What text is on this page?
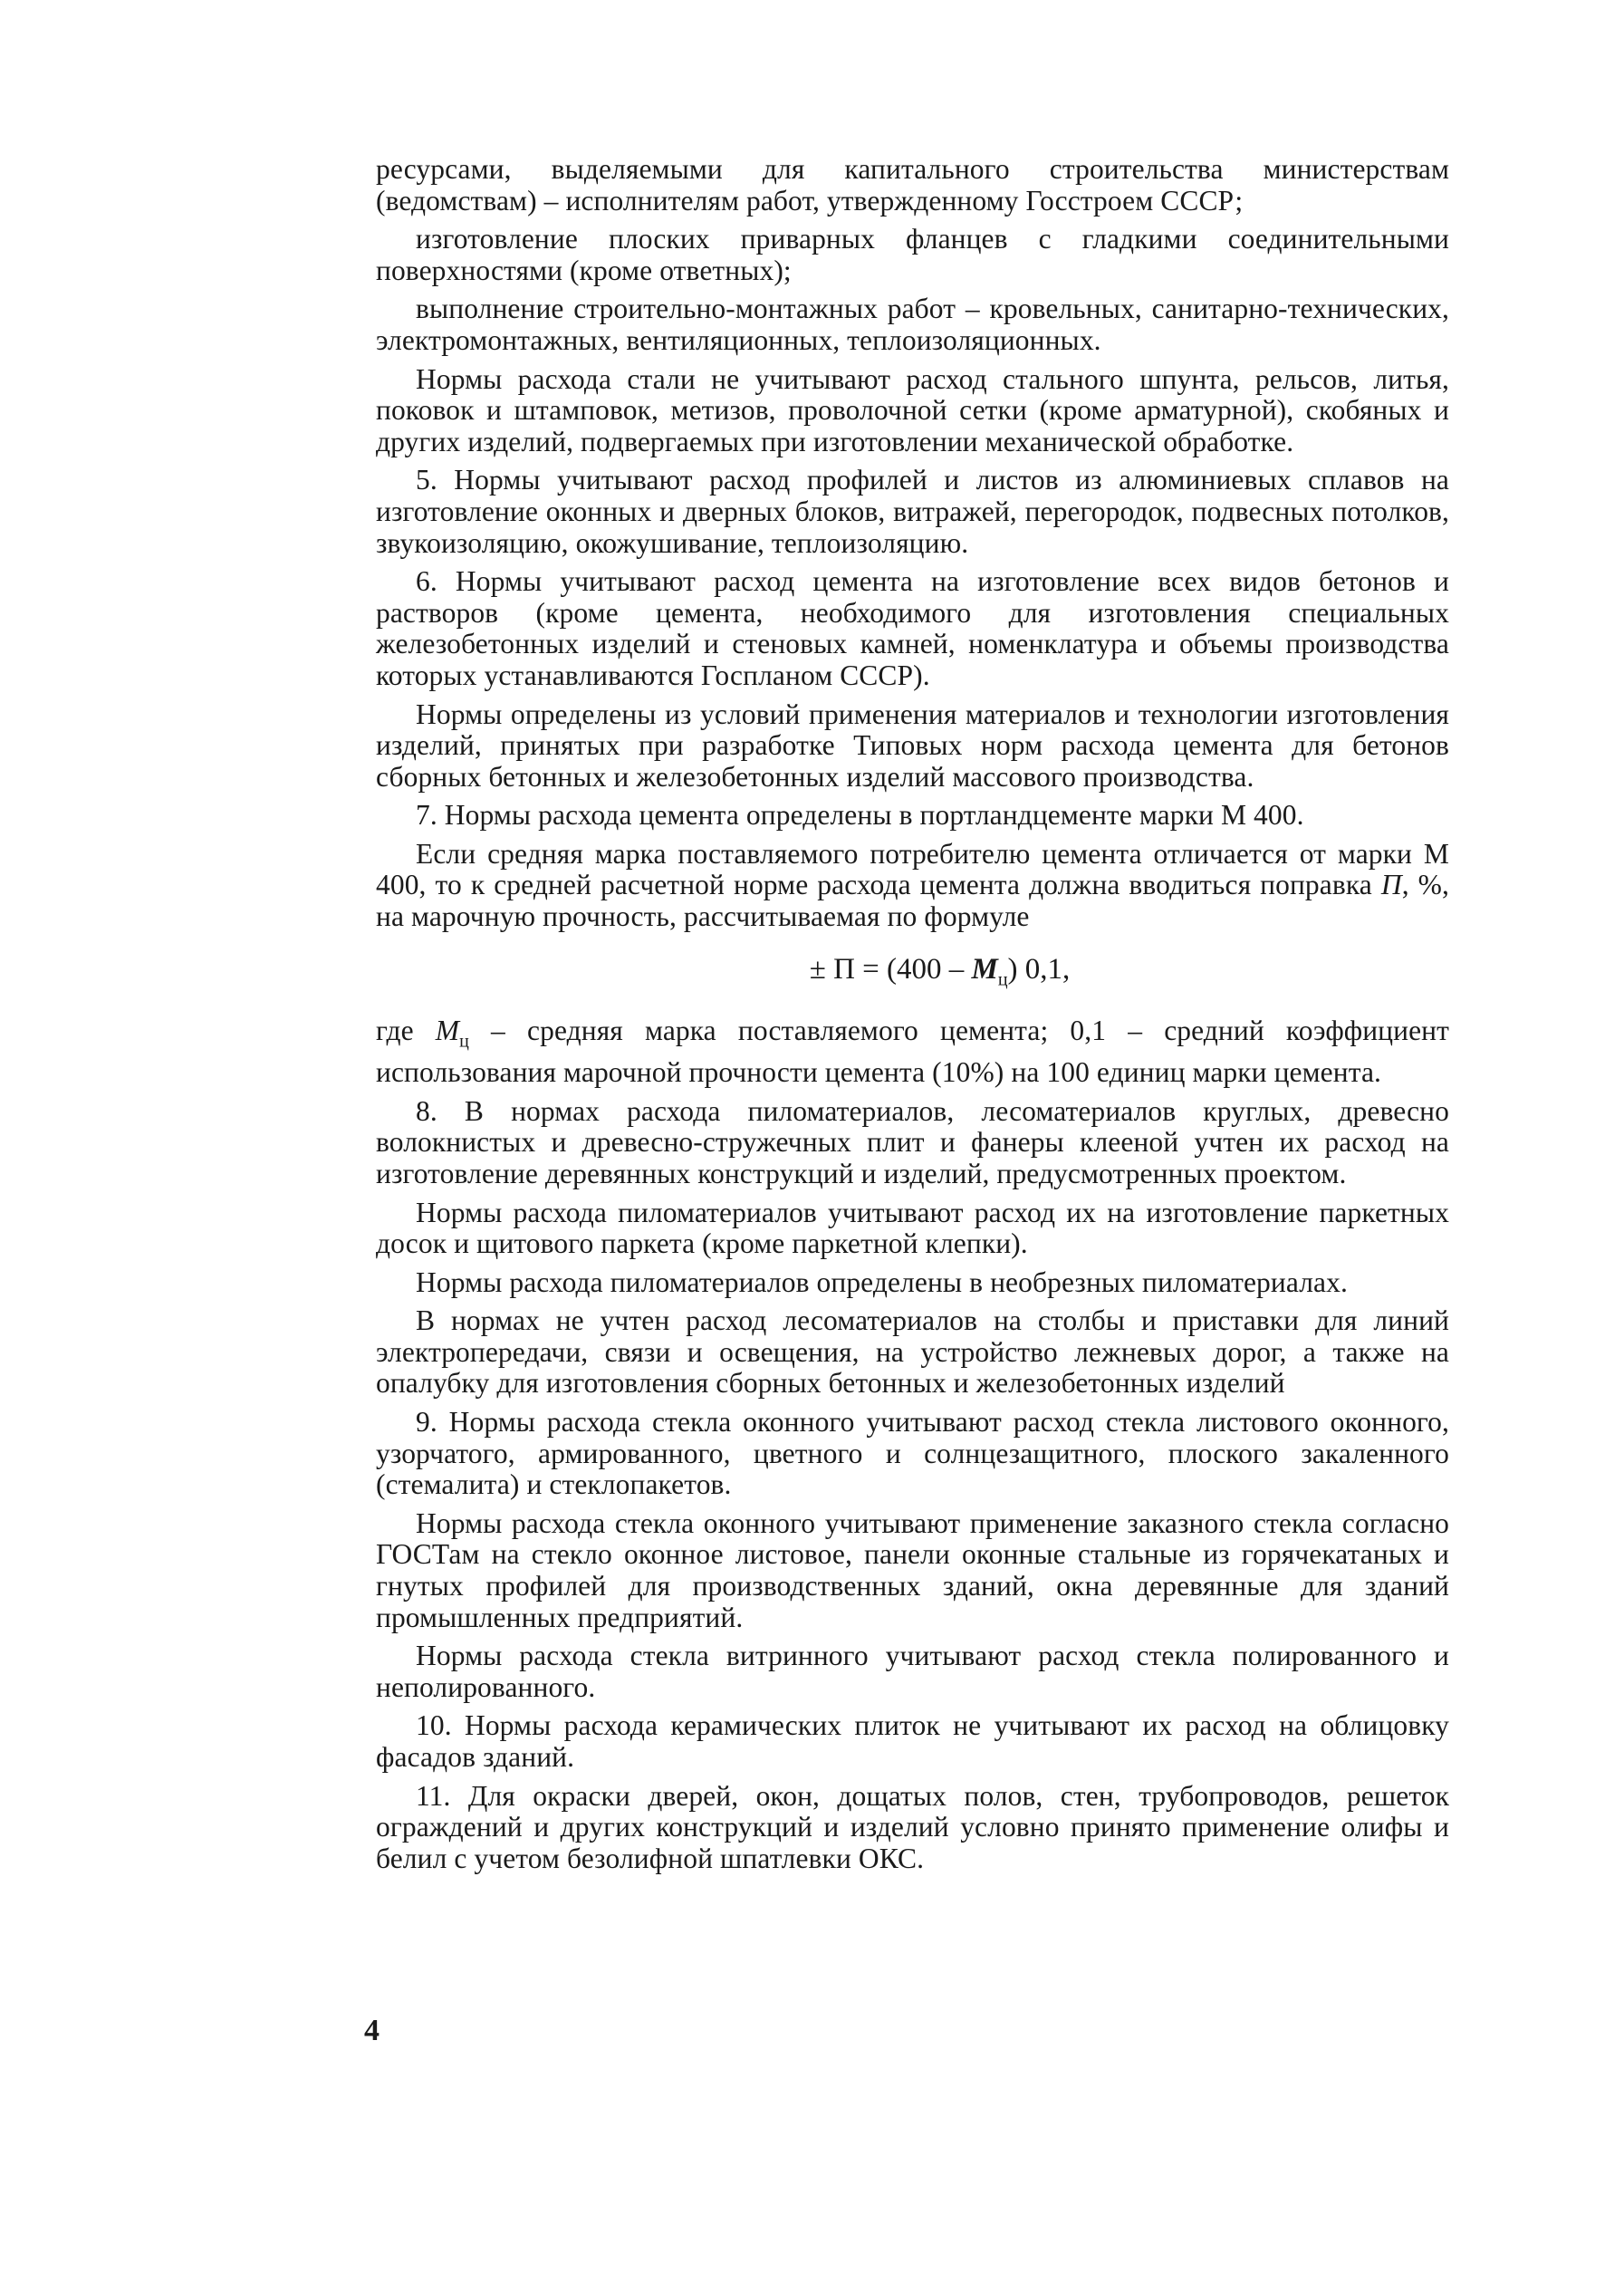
ресурсами, выделяемыми для капитального строительства министерствам (ведомствам) – исполнителям работ, утвержденному Госстроем СССР;

изготовление плоских приварных фланцев с гладкими соединительными поверхностями (кроме ответных);

выполнение строительно-монтажных работ – кровельных, санитарно-технических, электромонтажных, вентиляционных, теплоизоляционных.

Нормы расхода стали не учитывают расход стального шпунта, рельсов, литья, поковок и штамповок, метизов, проволочной сетки (кроме арматурной), скобяных и других изделий, подвергаемых при изготовлении механической обработке.

5. Нормы учитывают расход профилей и листов из алюминиевых сплавов на изготовление оконных и дверных блоков, витражей, перегородок, подвесных потолков, звукоизоляцию, окожушивание, теплоизоляцию.

6. Нормы учитывают расход цемента на изготовление всех видов бетонов и растворов (кроме цемента, необходимого для изготовления специальных железобетонных изделий и стеновых камней, номенклатура и объемы производства которых устанавливаются Госпланом СССР).

Нормы определены из условий применения материалов и технологии изготовления изделий, принятых при разработке Типовых норм расхода цемента для бетонов сборных бетонных и железобетонных изделий массового производства.

7. Нормы расхода цемента определены в портландцементе марки М 400.

Если средняя марка поставляемого потребителю цемента отличается от марки М 400, то к средней расчетной норме расхода цемента должна вводиться поправка П, %, на марочную прочность, рассчитываемая по формуле

± $П = (400 - М_ц)$ 0,1,

где $М_ц$ – средняя марка поставляемого цемента; 0,1 – средний коэффициент использования марочной прочности цемента (10%) на 100 единиц марки цемента.

8. В нормах расхода пиломатериалов, лесоматериалов круглых, древесно волокнистых и древесно-стружечных плит и фанеры клееной учтен их расход на изготовление деревянных конструкций и изделий, предусмотренных проектом.

Нормы расхода пиломатериалов учитывают расход их на изготовление паркетных досок и щитового паркета (кроме паркетной клепки).

Нормы расхода пиломатериалов определены в необрезных пиломатериалах.

В нормах не учтен расход лесоматериалов на столбы и приставки для линий электропередачи, связи и освещения, на устройство лежневых дорог, а также на опалубку для изготовления сборных бетонных и железобетонных изделий

9. Нормы расхода стекла оконного учитывают расход стекла листового оконного, узорчатого, армированного, цветного и солнцезащитного, плоского закаленного (стемалита) и стеклопакетов.

Нормы расхода стекла оконного учитывают применение заказного стекла согласно ГОСТам на стекло оконное листовое, панели оконные стальные из горячекатаных и гнутых профилей для производственных зданий, окна деревянные для зданий промышленных предприятий.

Нормы расхода стекла витринного учитывают расход стекла полированного и неполированного.

10. Нормы расхода керамических плиток не учитывают их расход на облицовку фасадов зданий.

11. Для окраски дверей, окон, дощатых полов, стен, трубопроводов, решеток ограждений и других конструкций и изделий условно принято применение олифы и белил с учетом безолифной шпатлевки ОКС.

4
